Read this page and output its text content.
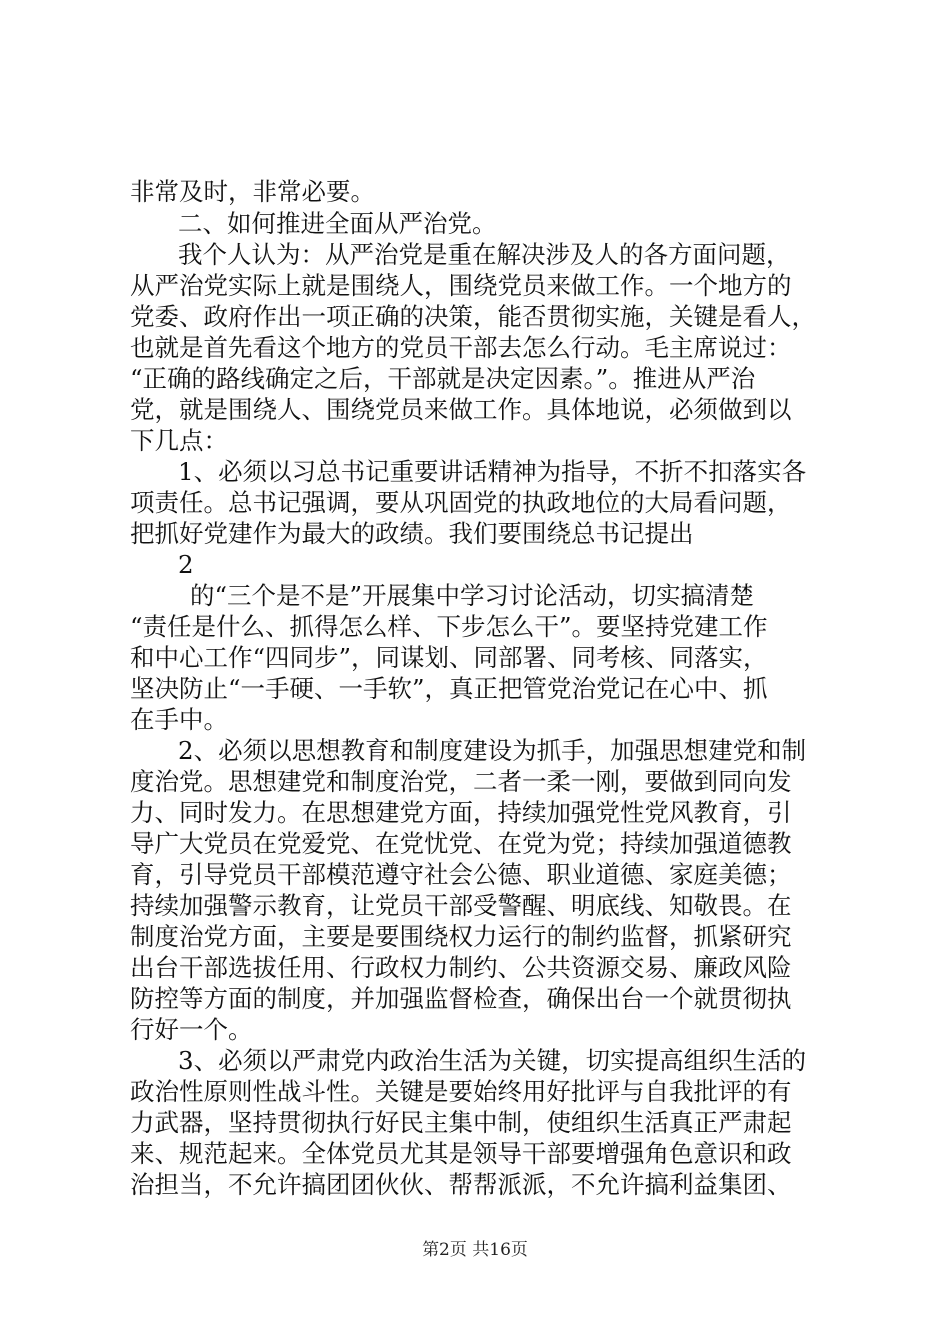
非常及时，非常必要。
二、如何推进全面从严治党。
我个人认为：从严治党是重在解决涉及人的各方面问题，
从严治党实际上就是围绕人，围绕党员来做工作。一个地方的
党委、政府作出一项正确的决策，能否贯彻实施，关键是看人，
也就是首先看这个地方的党员干部去怎么行动。毛主席说过：
“正确的路线确定之后，干部就是决定因素。”。推进从严治
党，就是围绕人、围绕党员来做工作。具体地说，必须做到以
下几点：
1、必须以习总书记重要讲话精神为指导，不折不扣落实各
项责任。总书记强调，要从巩固党的执政地位的大局看问题，
把抓好党建作为最大的政绩。我们要围绕总书记提出
2
的“三个是不是”开展集中学习讨论活动，切实搞清楚
“责任是什么、抓得怎么样、下步怎么干”。要坚持党建工作
和中心工作“四同步”，同谋划、同部署、同考核、同落实，
坚决防止“一手硬、一手软”，真正把管党治党记在心中、抓
在手中。
2、必须以思想教育和制度建设为抓手，加强思想建党和制
度治党。思想建党和制度治党，二者一柔一刚，要做到同向发
力、同时发力。在思想建党方面，持续加强党性党风教育，引
导广大党员在党爱党、在党忧党、在党为党；持续加强道德教
育，引导党员干部模范遵守社会公德、职业道德、家庭美德；
持续加强警示教育，让党员干部受警醒、明底线、知敬畏。在
制度治党方面，主要是要围绕权力运行的制约监督，抓紧研究
出台干部选拔任用、行政权力制约、公共资源交易、廉政风险
防控等方面的制度，并加强监督检查，确保出台一个就贯彻执
行好一个。
3、必须以严肃党内政治生活为关键，切实提高组织生活的
政治性原则性战斗性。关键是要始终用好批评与自我批评的有
力武器，坚持贯彻执行好民主集中制，使组织生活真正严肃起
来、规范起来。全体党员尤其是领导干部要增强角色意识和政
治担当，不允许搞团团伙伙、帮帮派派，不允许搞利益集团、
第2页 共16页
